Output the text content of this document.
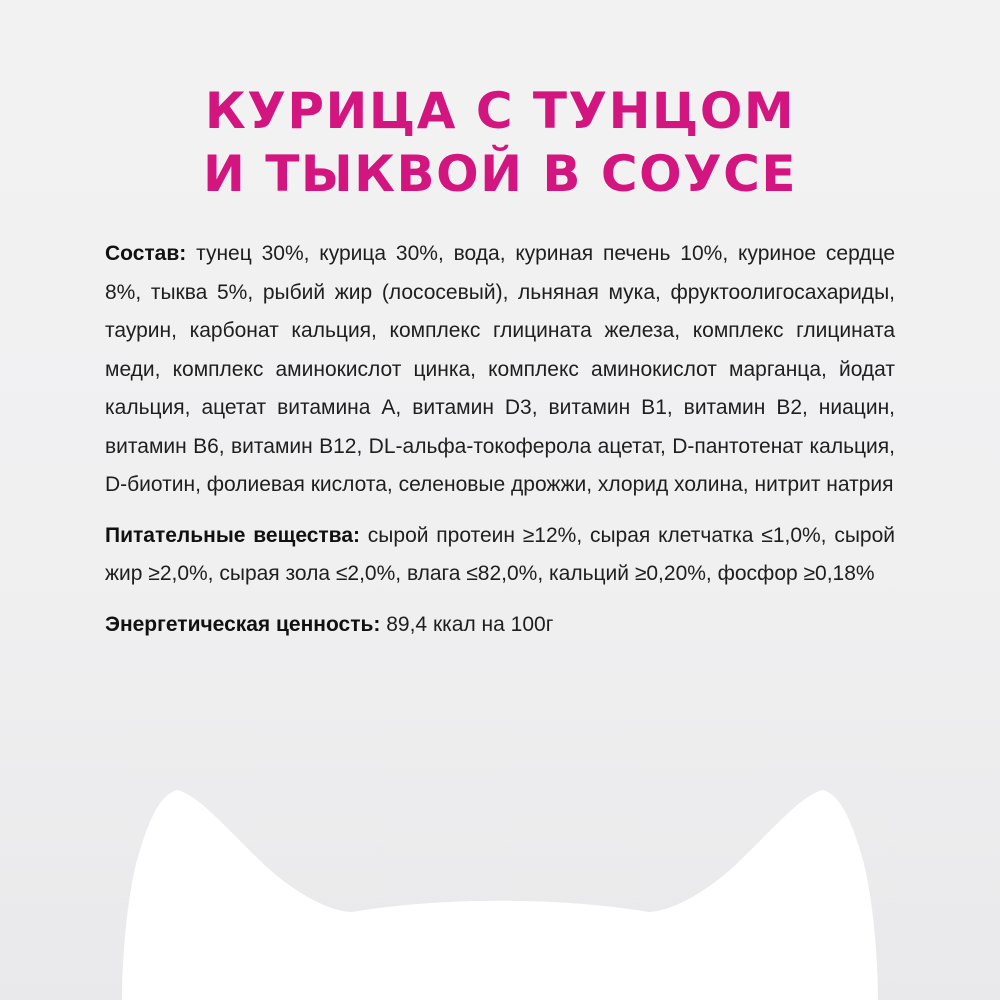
КУРИЦА С ТУНЦОМ
И ТЫКВОЙ В СОУСЕ

Состав: тунец 30%, курица 30%, вода, куриная печень 10%, куриное сердце 8%, тыква 5%, рыбий жир (лососевый), льняная мука, фруктоолигосахариды, таурин, карбонат кальция, комплекс глицината железа, комплекс глицината меди, комплекс аминокислот цинка, комплекс аминокислот марганца, йодат кальция, ацетат витамина А, витамин D3, витамин В1, витамин В2, ниацин, витамин В6, витамин В12, DL-альфа-токоферола ацетат, D-пантотенат кальция, D-биотин, фолиевая кислота, селеновые дрожжи, хлорид холина, нитрит натрия

Питательные вещества: сырой протеин ≥12%, сырая клетчатка ≤1,0%, сырой жир ≥2,0%, сырая зола ≤2,0%, влага ≤82,0%, кальций ≥0,20%, фосфор ≥0,18%

Энергетическая ценность: 89,4 ккал на 100г
